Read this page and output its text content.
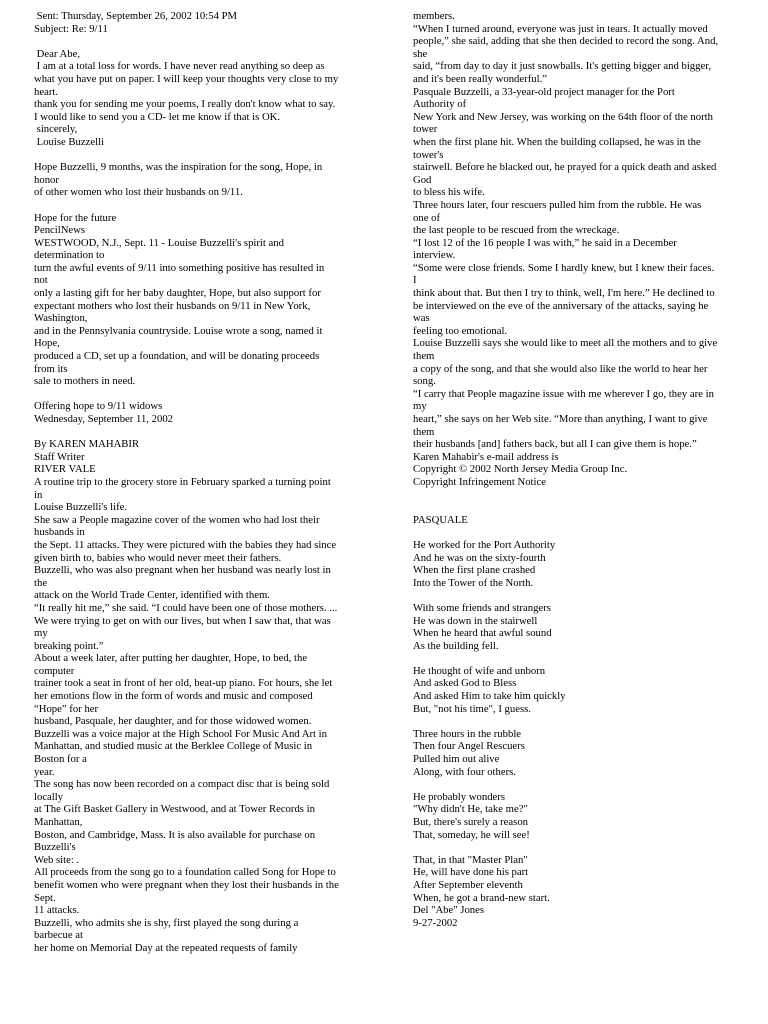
Sent: Thursday, September 26, 2002 10:54 PM
Subject: Re: 9/11
Dear Abe,
I am at a total loss for words. I have never read anything so deep as
what you have put on paper. I will keep your thoughts very close to my
heart.
thank you for sending me your poems, I really don't know what to say.
I would like to send you a CD- let me know if that is OK.
sincerely,
Louise Buzzelli
Hope Buzzelli, 9 months, was the inspiration for the song, Hope, in
honor
of other women who lost their husbands on 9/11.
Hope for the future
PencilNews
WESTWOOD, N.J., Sept. 11 - Louise Buzzelli's spirit and
determination to
turn the awful events of 9/11 into something positive has resulted in
not
only a lasting gift for her baby daughter, Hope, but also support for
expectant mothers who lost their husbands on 9/11 in New York,
Washington,
and in the Pennsylvania countryside. Louise wrote a song, named it
Hope,
produced a CD, set up a foundation, and will be donating proceeds
from its
sale to mothers in need.
Offering hope to 9/11 widows
Wednesday, September 11, 2002
By KAREN MAHABIR
Staff Writer
RIVER VALE
A routine trip to the grocery store in February sparked a turning point
in
Louise Buzzelli's life.
She saw a People magazine cover of the women who had lost their
husbands in
the Sept. 11 attacks. They were pictured with the babies they had since
given birth to, babies who would never meet their fathers.
Buzzelli, who was also pregnant when her husband was nearly lost in
the
attack on the World Trade Center, identified with them.
“It really hit me,” she said. “I could have been one of those mothers. ...
We were trying to get on with our lives, but when I saw that, that was
my
breaking point.”
About a week later, after putting her daughter, Hope, to bed, the
computer
trainer took a seat in front of her old, beat-up piano. For hours, she let
her emotions flow in the form of words and music and composed
“Hope” for her
husband, Pasquale, her daughter, and for those widowed women.
Buzzelli was a voice major at the High School For Music And Art in
Manhattan, and studied music at the Berklee College of Music in
Boston for a
year.
The song has now been recorded on a compact disc that is being sold
locally
at The Gift Basket Gallery in Westwood, and at Tower Records in
Manhattan,
Boston, and Cambridge, Mass. It is also available for purchase on
Buzzelli's
Web site: .
All proceeds from the song go to a foundation called Song for Hope to
benefit women who were pregnant when they lost their husbands in the
Sept.
11 attacks.
Buzzelli, who admits she is shy, first played the song during a
barbecue at
her home on Memorial Day at the repeated requests of family
members.
“When I turned around, everyone was just in tears. It actually moved
people,” she said, adding that she then decided to record the song. And,
she
said, “from day to day it just snowballs. It's getting bigger and bigger,
and it's been really wonderful.”
Pasquale Buzzelli, a 33-year-old project manager for the Port
Authority of
New York and New Jersey, was working on the 64th floor of the north
tower
when the first plane hit. When the building collapsed, he was in the
tower's
stairwell. Before he blacked out, he prayed for a quick death and asked
God
to bless his wife.
Three hours later, four rescuers pulled him from the rubble. He was
one of
the last people to be rescued from the wreckage.
“I lost 12 of the 16 people I was with,” he said in a December
interview.
“Some were close friends. Some I hardly knew, but I knew their faces.
I
think about that. But then I try to think, well, I'm here.” He declined to
be interviewed on the eve of the anniversary of the attacks, saying he
was
feeling too emotional.
Louise Buzzelli says she would like to meet all the mothers and to give
them
a copy of the song, and that she would also like the world to hear her
song.
“I carry that People magazine issue with me wherever I go, they are in
my
heart,” she says on her Web site. “More than anything, I want to give
them
their husbands [and] fathers back, but all I can give them is hope.”
Karen Mahabir's e-mail address is
Copyright © 2002 North Jersey Media Group Inc.
Copyright Infringement Notice
PASQUALE
He worked for the Port Authority
And he was on the sixty-fourth
When the first plane crashed
Into the Tower of the North.
With some friends and strangers
He was down in the stairwell
When he heard that awful sound
As the building fell.
He thought of wife and unborn
And asked God to Bless
And asked Him to take him quickly
But, "not his time", I guess.
Three hours in the rubble
Then four Angel Rescuers
Pulled him out alive
Along, with four others.
He probably wonders
"Why didn't He, take me?"
But, there's surely a reason
That, someday, he will see!
That, in that "Master Plan"
He, will have done his part
After September eleventh
When, he got a brand-new start.
Del "Abe" Jones
9-27-2002
